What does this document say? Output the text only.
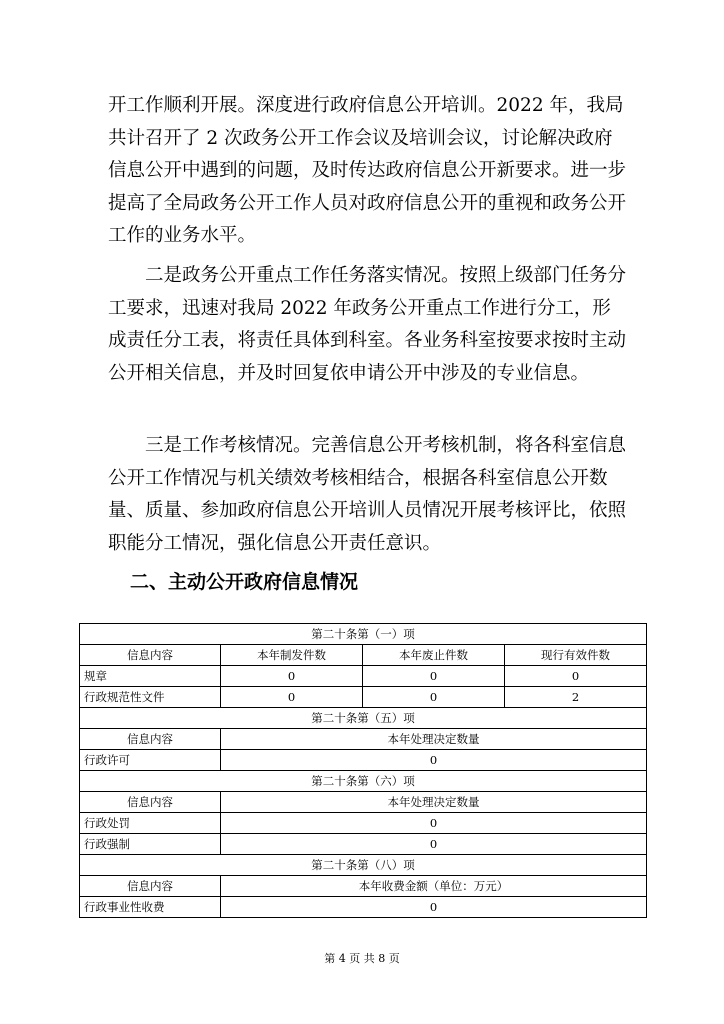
开工作顺利开展。深度进行政府信息公开培训。2022 年，我局共计召开了 2 次政务公开工作会议及培训会议，讨论解决政府信息公开中遇到的问题，及时传达政府信息公开新要求。进一步提高了全局政务公开工作人员对政府信息公开的重视和政务公开工作的业务水平。

二是政务公开重点工作任务落实情况。按照上级部门任务分工要求，迅速对我局 2022 年政务公开重点工作进行分工，形成责任分工表，将责任具体到科室。各业务科室按要求按时主动公开相关信息，并及时回复依申请公开中涉及的专业信息。

三是工作考核情况。完善信息公开考核机制，将各科室信息公开工作情况与机关绩效考核相结合，根据各科室信息公开数量、质量、参加政府信息公开培训人员情况开展考核评比，依照职能分工情况，强化信息公开责任意识。

二、主动公开政府信息情况
第二十条第（一）项			
信息内容	本年制发件数	本年废止件数	现行有效件数
规章	0	0	0
行政规范性文件	0	0	2
第二十条第（五）项			
信息内容	本年处理决定数量		
行政许可	0		
第二十条第（六）项			
信息内容	本年处理决定数量		
行政处罚	0		
行政强制	0		
第二十条第（八）项			
信息内容	本年收费金额（单位：万元）		
行政事业性收费	0		
第 4 页 共 8 页
